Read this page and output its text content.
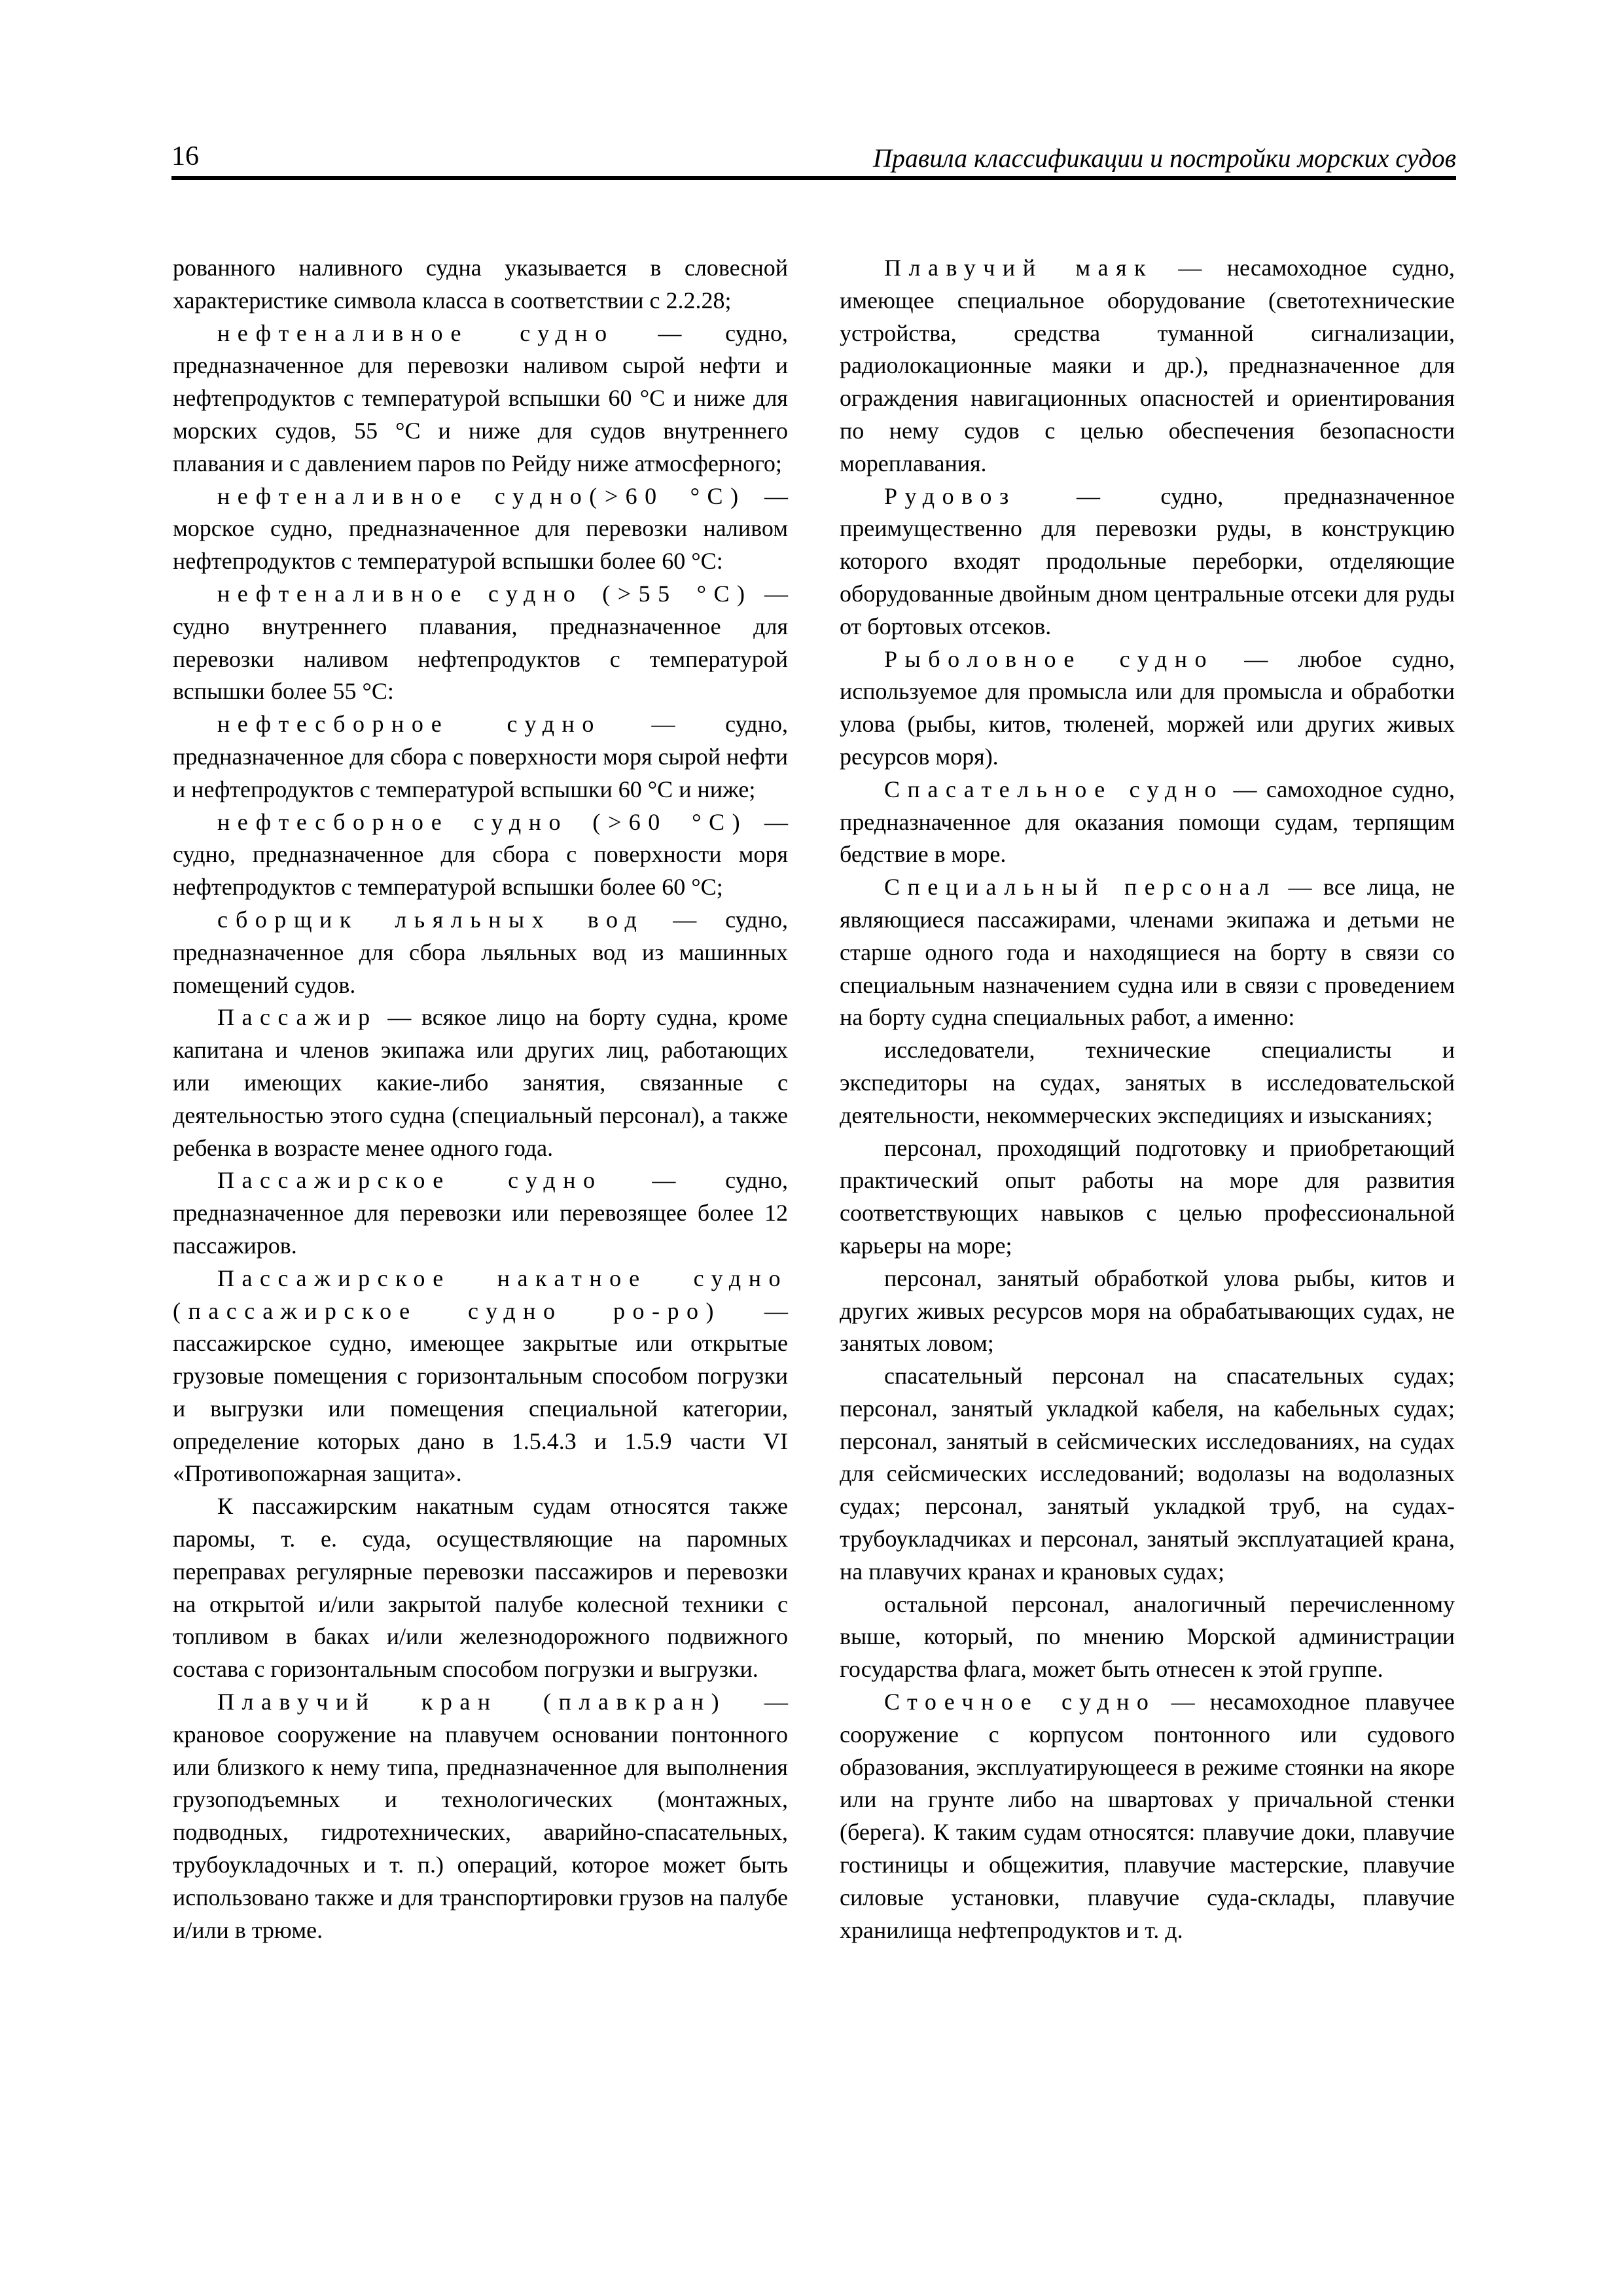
16	Правила классификации и постройки морских судов

рованного наливного судна указывается в словесной характеристике символа класса в соответствии с 2.2.28;

нефтеналивное судно — судно, предназначенное для перевозки наливом сырой нефти и нефтепродуктов с температурой вспышки 60 °С и ниже для морских судов, 55 °С и ниже для судов внутреннего плавания и с давлением паров по Рейду ниже атмосферного;

нефтеналивное судно(>60 °С) — морское судно, предназначенное для перевозки наливом нефтепродуктов с температурой вспышки более 60 °С:

нефтеналивное судно (>55 °С) — судно внутреннего плавания, предназначенное для перевозки наливом нефтепродуктов с температурой вспышки более 55 °С:

нефтесборное судно — судно, предназначенное для сбора с поверхности моря сырой нефти и нефтепродуктов с температурой вспышки 60 °С и ниже;

нефтесборное судно (>60 °С) — судно, предназначенное для сбора с поверхности моря нефтепродуктов с температурой вспышки более 60 °С;

сборщик льяльных вод — судно, предназначенное для сбора льяльных вод из машинных помещений судов.

Пассажир — всякое лицо на борту судна, кроме капитана и членов экипажа или других лиц, работающих или имеющих какие-либо занятия, связанные с деятельностью этого судна (специальный персонал), а также ребенка в возрасте менее одного года.

Пассажирское судно — судно, предназначенное для перевозки или перевозящее более 12 пассажиров.

Пассажирское накатное судно (пассажирское судно ро-ро) — пассажирское судно, имеющее закрытые или открытые грузовые помещения с горизонтальным способом погрузки и выгрузки или помещения специальной категории, определение которых дано в 1.5.4.3 и 1.5.9 части VI «Противопожарная защита».

К пассажирским накатным судам относятся также паромы, т. е. суда, осуществляющие на паромных переправах регулярные перевозки пассажиров и перевозки на открытой и/или закрытой палубе колесной техники с топливом в баках и/или железнодорожного подвижного состава с горизонтальным способом погрузки и выгрузки.

Плавучий кран (плавкран) — крановое сооружение на плавучем основании понтонного или близкого к нему типа, предназначенное для выполнения грузоподъемных и технологических (монтажных, подводных, гидротехнических, аварийно-спасательных, трубоукладочных и т. п.) операций, которое может быть использовано также и для транспортировки грузов на палубе и/или в трюме.

Плавучий маяк — несамоходное судно, имеющее специальное оборудование (светотехнические устройства, средства туманной сигнализации, радиолокационные маяки и др.), предназначенное для ограждения навигационных опасностей и ориентирования по нему судов с целью обеспечения безопасности мореплавания.

Рудовоз — судно, предназначенное преимущественно для перевозки руды, в конструкцию которого входят продольные переборки, отделяющие оборудованные двойным дном центральные отсеки для руды от бортовых отсеков.

Рыболовное судно — любое судно, используемое для промысла или для промысла и обработки улова (рыбы, китов, тюленей, моржей или других живых ресурсов моря).

Спасательное судно — самоходное судно, предназначенное для оказания помощи судам, терпящим бедствие в море.

Специальный персонал — все лица, не являющиеся пассажирами, членами экипажа и детьми не старше одного года и находящиеся на борту в связи со специальным назначением судна или в связи с проведением на борту судна специальных работ, а именно:

исследователи, технические специалисты и экспедиторы на судах, занятых в исследовательской деятельности, некоммерческих экспедициях и изысканиях;

персонал, проходящий подготовку и приобретающий практический опыт работы на море для развития соответствующих навыков с целью профессиональной карьеры на море;

персонал, занятый обработкой улова рыбы, китов и других живых ресурсов моря на обрабатывающих судах, не занятых ловом;

спасательный персонал на спасательных судах; персонал, занятый укладкой кабеля, на кабельных судах; персонал, занятый в сейсмических исследованиях, на судах для сейсмических исследований; водолазы на водолазных судах; персонал, занятый укладкой труб, на судах-трубоукладчиках и персонал, занятый эксплуатацией крана, на плавучих кранах и крановых судах;

остальной персонал, аналогичный перечисленному выше, который, по мнению Морской администрации государства флага, может быть отнесен к этой группе.

Стоечное судно — несамоходное плавучее сооружение с корпусом понтонного или судового образования, эксплуатирующееся в режиме стоянки на якоре или на грунте либо на швартовах у причальной стенки (берега). К таким судам относятся: плавучие доки, плавучие гостиницы и общежития, плавучие мастерские, плавучие силовые установки, плавучие суда-склады, плавучие хранилища нефтепродуктов и т. д.
